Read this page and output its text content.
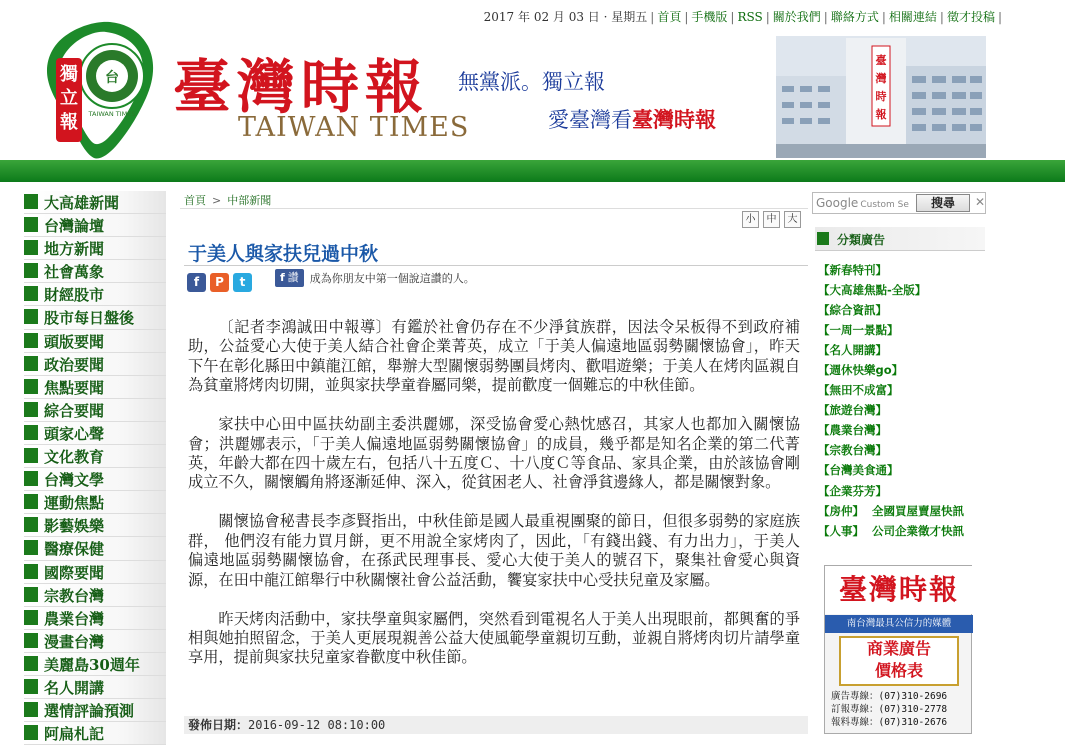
2017 年 02 月 03 日 · 星期五 | 首頁 | 手機版 | RSS | 關於我們 | 聯絡方式 | 相關連結 | 徵才投稿 |
台
TAIWAN TIMES
獨
立
報
臺灣時報
TAIWAN TIMES
無黨派。獨立報
愛臺灣看臺灣時報
臺
灣
時
報
大高雄新聞
台灣論壇
地方新聞
社會萬象
財經股市
股市每日盤後
頭版要聞
政治要聞
焦點要聞
綜合要聞
頭家心聲
文化教育
台灣文學
運動焦點
影藝娛樂
醫療保健
國際要聞
宗教台灣
農業台灣
漫畫台灣
美麗島30週年
名人開講
選情評論預測
阿扁札記
首頁 > 中部新聞
小	中	大
于美人與家扶兒過中秋
f	P	t	f 讚	成為你朋友中第一個說這讚的人。

〔記者李鴻誠田中報導〕有鑑於社會仍存在不少淨貧族群，因法令呆板得不到政府補助，公益愛心大使于美人結合社會企業菁英，成立「于美人偏遠地區弱勢關懷協會」，昨天下午在彰化縣田中鎮龍江館，舉辦大型關懷弱勢團員烤肉、歡唱遊樂；于美人在烤肉區親自為貧童將烤肉切開，並與家扶學童眷屬同樂，提前歡度一個難忘的中秋佳節。

家扶中心田中區扶幼副主委洪麗娜，深受協會愛心熱忱感召，其家人也都加入關懷協會；洪麗娜表示，「于美人偏遠地區弱勢關懷協會」的成員，幾乎都是知名企業的第二代菁英，年齡大都在四十歲左右，包括八十五度Ｃ、十八度Ｃ等食品、家具企業，由於該協會剛成立不久，關懷觸角將逐漸延伸、深入，從貧困老人、社會淨貧邊緣人，都是關懷對象。

關懷協會秘書長李彥賢指出，中秋佳節是國人最重視團聚的節日，但很多弱勢的家庭族群， 他們沒有能力買月餅，更不用說全家烤肉了，因此，「有錢出錢、有力出力」，于美人偏遠地區弱勢關懷協會，在孫武民理事長、愛心大使于美人的號召下，聚集社會愛心與資源，在田中龍江館舉行中秋關懷社會公益活動，饗宴家扶中心受扶兒童及家屬。

昨天烤肉活動中，家扶學童與家屬們，突然看到電視名人于美人出現眼前，都興奮的爭相與她拍照留念，于美人更展現親善公益大使風範學童親切互動，並親自將烤肉切片請學童享用，提前與家扶兒童家眷歡度中秋佳節。

發佈日期：2016-09-12 08:10:00
Google Custom Se	搜尋	✕
分類廣告
【新春特刊】
【大高雄焦點-全版】
【綜合資訊】
【一周一景點】
【名人開講】
【週休快樂go】
【無田不成富】
【旅遊台灣】
【農業台灣】
【宗教台灣】
【台灣美食通】
【企業芬芳】
【房仲】 全國買屋賣屋快訊
【人事】 公司企業徵才快訊
臺灣時報
南台灣最具公信力的媒體
商業廣告
價格表
廣告專線：(07)310-2696
訂報專線：(07)310-2778
報料專線：(07)310-2676
